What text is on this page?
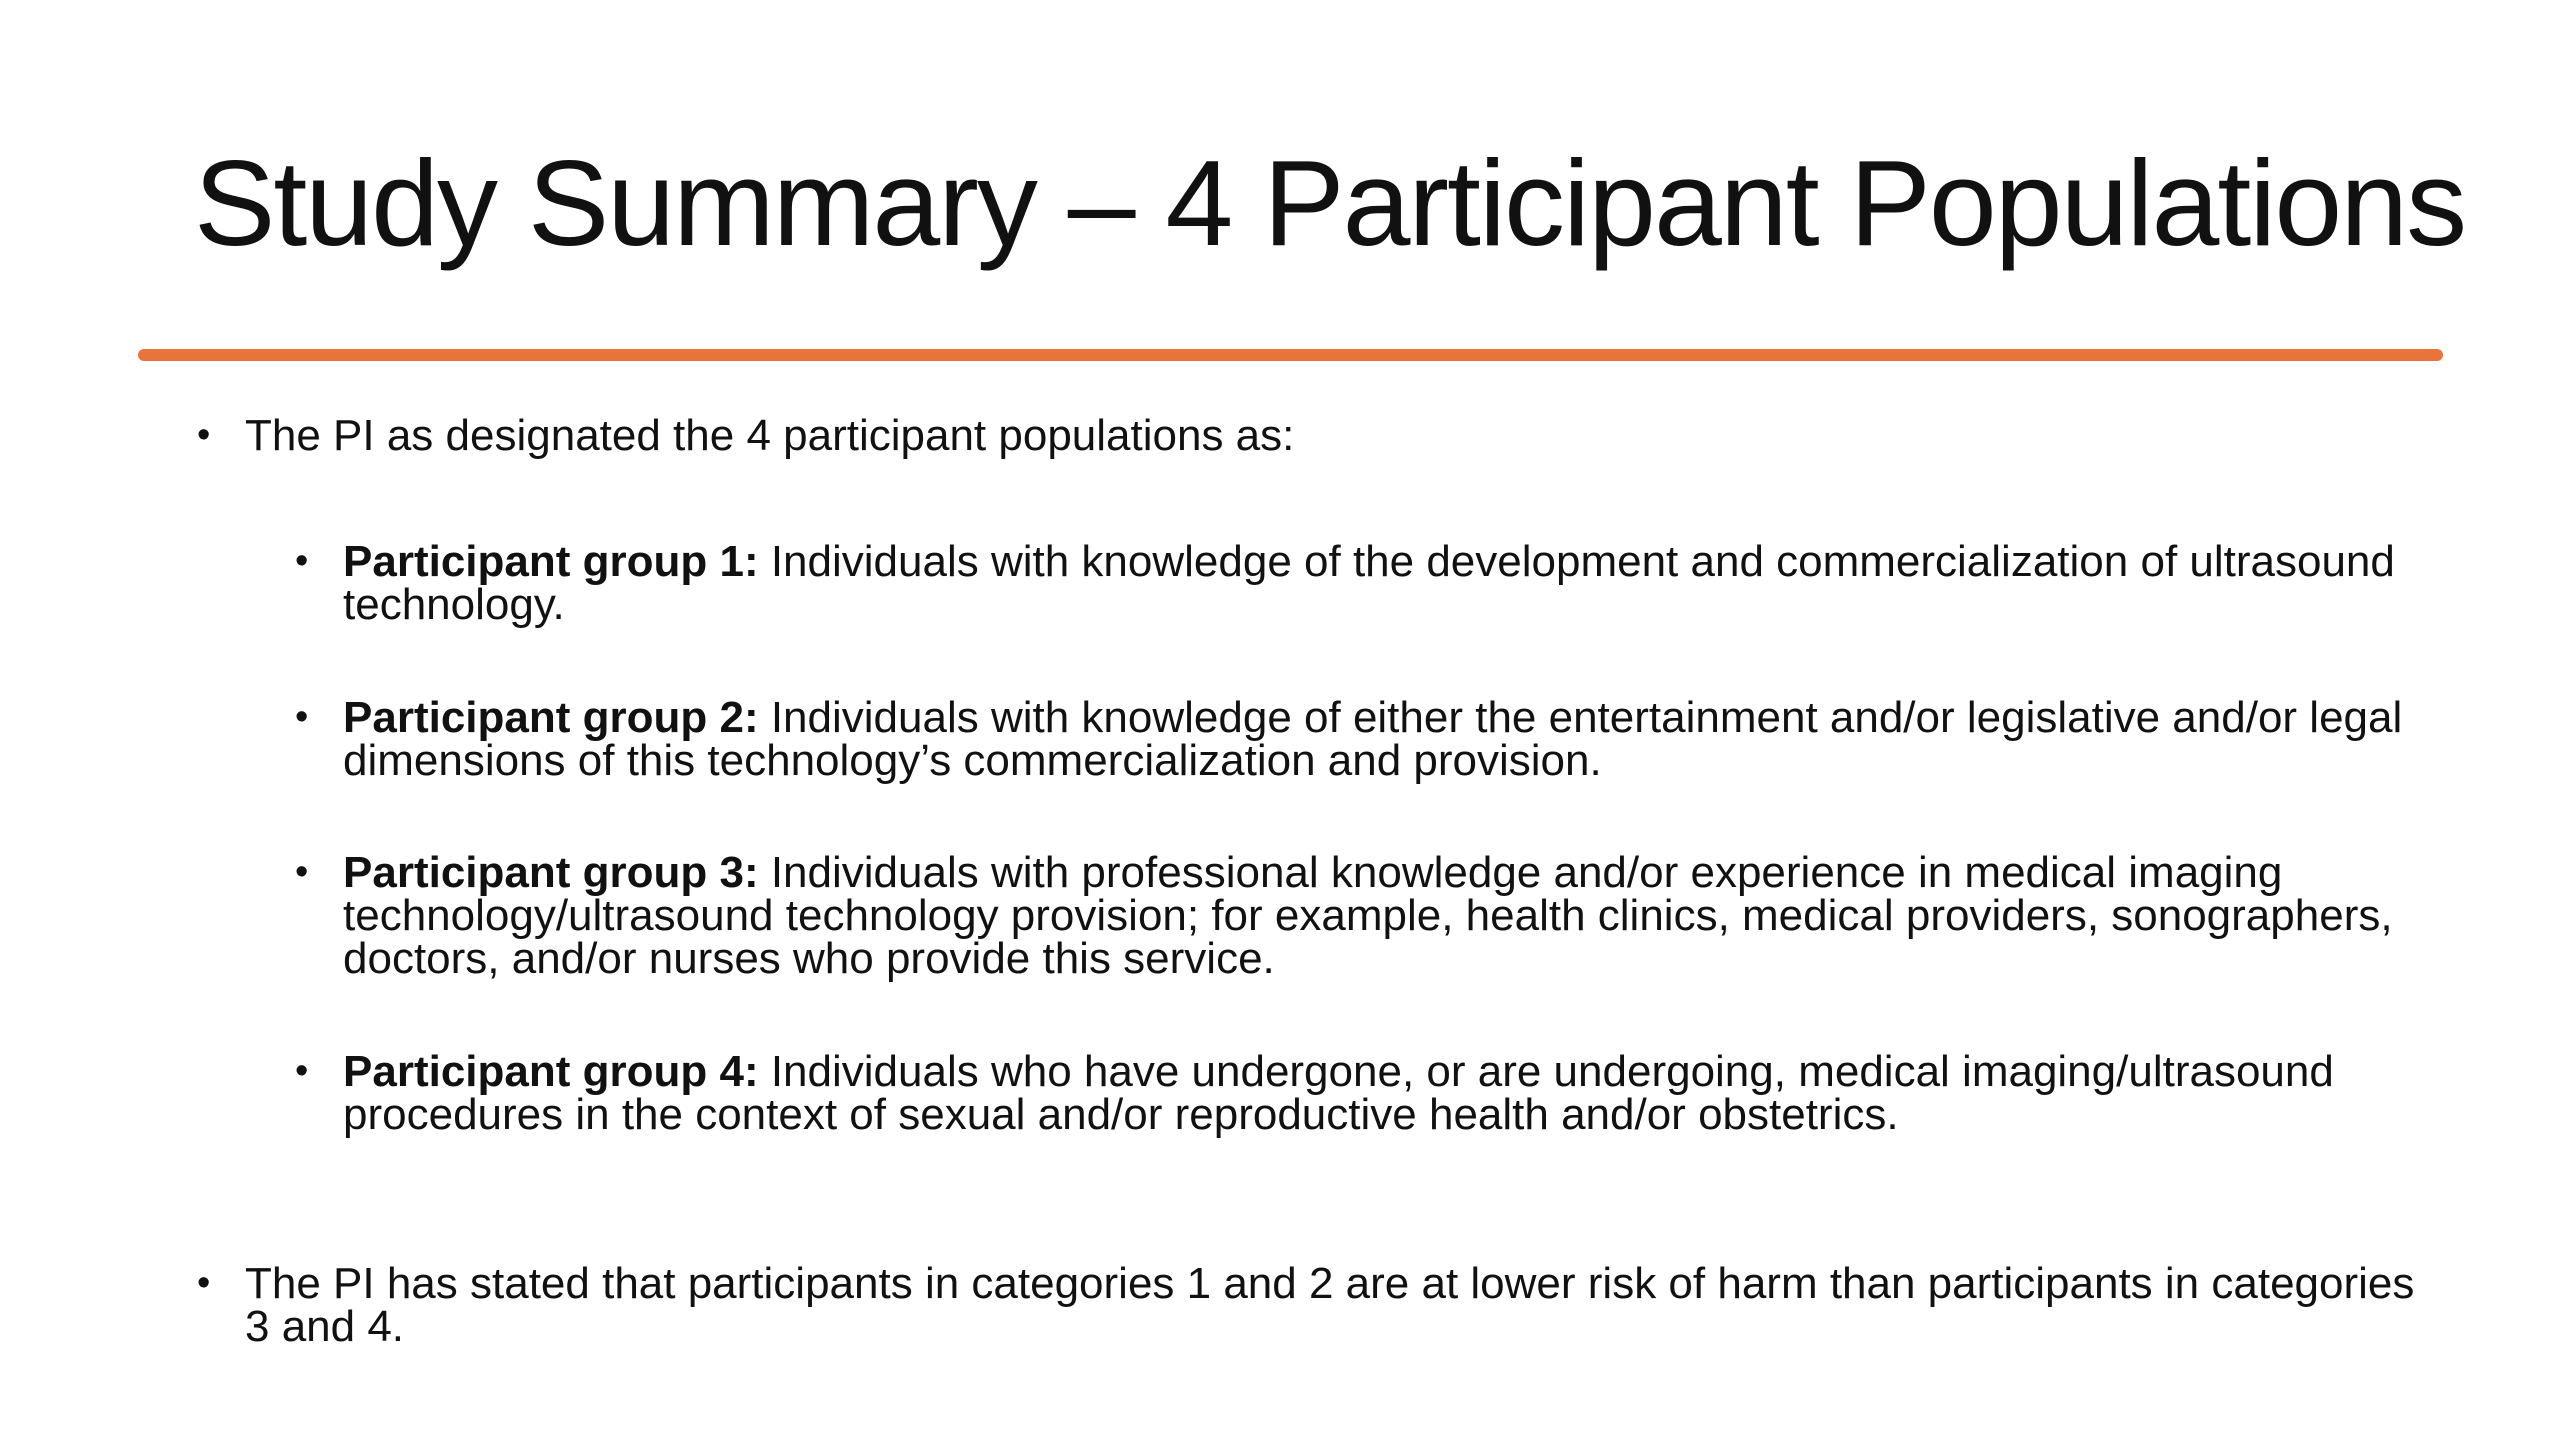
Study Summary – 4 Participant Populations
• The PI as designated the 4 participant populations as:
• Participant group 1: Individuals with knowledge of the development and commercialization of ultrasound technology.
• Participant group 2: Individuals with knowledge of either the entertainment and/or legislative and/or legal dimensions of this technology’s commercialization and provision.
• Participant group 3: Individuals with professional knowledge and/or experience in medical imaging technology/ultrasound technology provision; for example, health clinics, medical providers, sonographers, doctors, and/or nurses who provide this service.
• Participant group 4: Individuals who have undergone, or are undergoing, medical imaging/ultrasound procedures in the context of sexual and/or reproductive health and/or obstetrics.
• The PI has stated that participants in categories 1 and 2 are at lower risk of harm than participants in categories 3 and 4.
